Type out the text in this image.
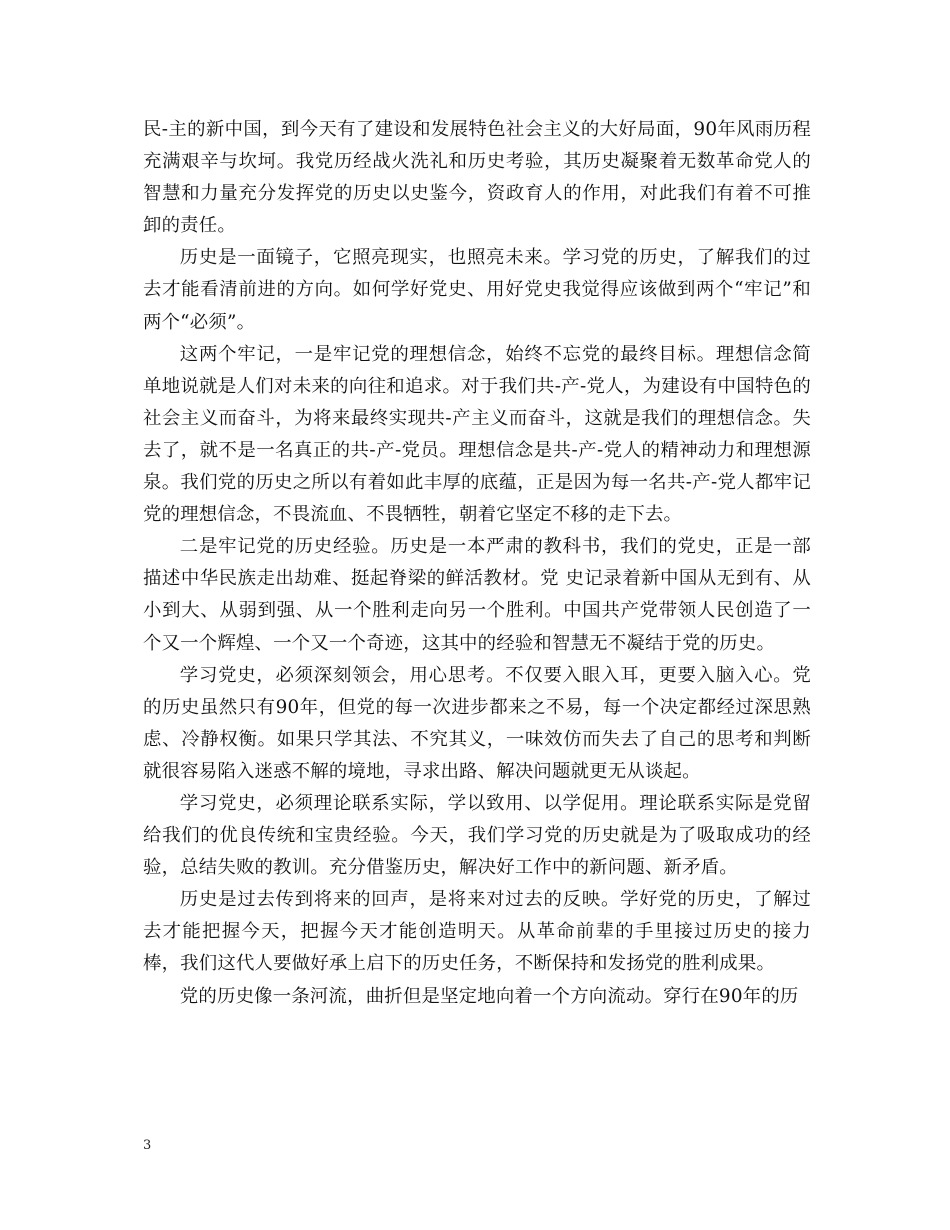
民-主的新中国，到今天有了建设和发展特色社会主义的大好局面，90年风雨历程充满艰辛与坎坷。我党历经战火洗礼和历史考验，其历史凝聚着无数革命党人的智慧和力量充分发挥党的历史以史鉴今，资政育人的作用，对此我们有着不可推卸的责任。

历史是一面镜子，它照亮现实，也照亮未来。学习党的历史，了解我们的过去才能看清前进的方向。如何学好党史、用好党史我觉得应该做到两个“牢记”和两个“必须”。

这两个牢记，一是牢记党的理想信念，始终不忘党的最终目标。理想信念简单地说就是人们对未来的向往和追求。对于我们共-产-党人，为建设有中国特色的社会主义而奋斗，为将来最终实现共-产主义而奋斗，这就是我们的理想信念。失去了，就不是一名真正的共-产-党员。理想信念是共-产-党人的精神动力和理想源泉。我们党的历史之所以有着如此丰厚的底蕴，正是因为每一名共-产-党人都牢记党的理想信念，不畏流血、不畏牺牲，朝着它坚定不移的走下去。

二是牢记党的历史经验。历史是一本严肃的教科书，我们的党史，正是一部描述中华民族走出劫难、挺起脊梁的鲜活教材。党 史记录着新中国从无到有、从小到大、从弱到强、从一个胜利走向另一个胜利。中国共产党带领人民创造了一个又一个辉煌、一个又一个奇迹，这其中的经验和智慧无不凝结于党的历史。

学习党史，必须深刻领会，用心思考。不仅要入眼入耳，更要入脑入心。党的历史虽然只有90年，但党的每一次进步都来之不易，每一个决定都经过深思熟虑、冷静权衡。如果只学其法、不究其义，一味效仿而失去了自己的思考和判断就很容易陷入迷惑不解的境地，寻求出路、解决问题就更无从谈起。

学习党史，必须理论联系实际，学以致用、以学促用。理论联系实际是党留给我们的优良传统和宝贵经验。今天，我们学习党的历史就是为了吸取成功的经验，总结失败的教训。充分借鉴历史，解决好工作中的新问题、新矛盾。

历史是过去传到将来的回声，是将来对过去的反映。学好党的历史，了解过去才能把握今天，把握今天才能创造明天。从革命前辈的手里接过历史的接力棒，我们这代人要做好承上启下的历史任务，不断保持和发扬党的胜利成果。

党的历史像一条河流，曲折但是坚定地向着一个方向流动。穿行在90年的历

3
